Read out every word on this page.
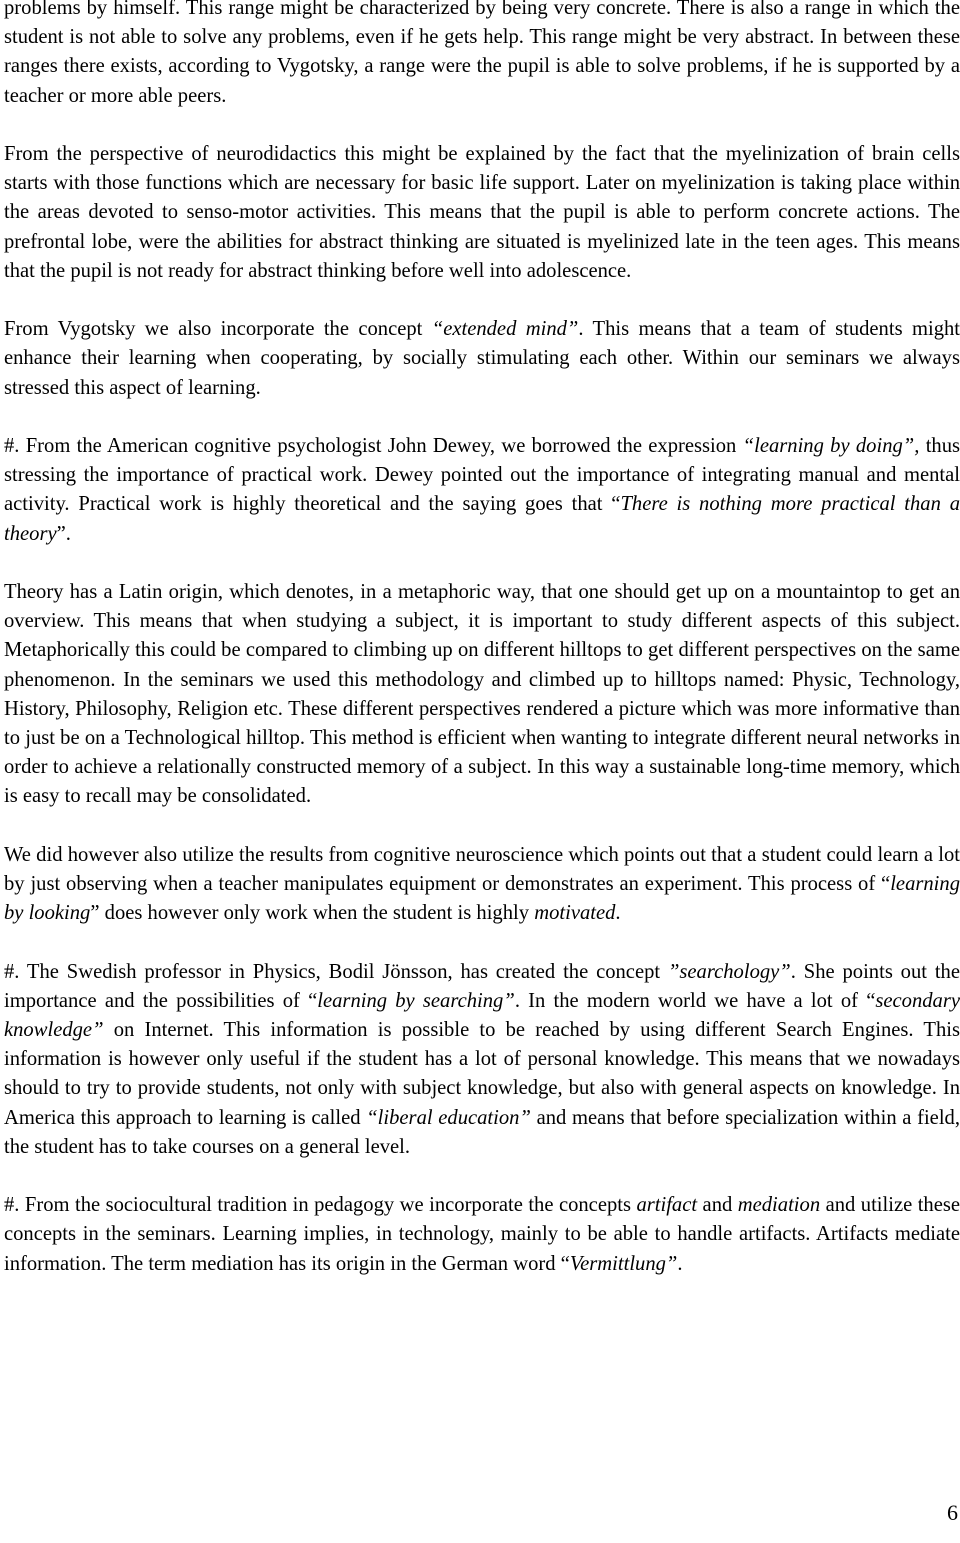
problems by himself. This range might be characterized by being very concrete. There is also a range in which the student is not able to solve any problems, even if he gets help. This range might be very abstract. In between these ranges there exists, according to Vygotsky, a range were the pupil is able to solve problems, if he is supported by a teacher or more able peers.

From the perspective of neurodidactics this might be explained by the fact that the myelinization of brain cells starts with those functions which are necessary for basic life support. Later on myelinization is taking place within the areas devoted to senso-motor activities. This means that the pupil is able to perform concrete actions. The prefrontal lobe, were the abilities for abstract thinking are situated is myelinized late in the teen ages. This means that the pupil is not ready for abstract thinking before well into adolescence.

From Vygotsky we also incorporate the concept “extended mind”. This means that a team of students might enhance their learning when cooperating, by socially stimulating each other. Within our seminars we always stressed this aspect of learning.

#. From the American cognitive psychologist John Dewey, we borrowed the expression “learning by doing”, thus stressing the importance of practical work. Dewey pointed out the importance of integrating manual and mental activity. Practical work is highly theoretical and the saying goes that “There is nothing more practical than a theory”.

Theory has a Latin origin, which denotes, in a metaphoric way, that one should get up on a mountaintop to get an overview. This means that when studying a subject, it is important to study different aspects of this subject. Metaphorically this could be compared to climbing up on different hilltops to get different perspectives on the same phenomenon. In the seminars we used this methodology and climbed up to hilltops named: Physic, Technology, History, Philosophy, Religion etc. These different perspectives rendered a picture which was more informative than to just be on a Technological hilltop. This method is efficient when wanting to integrate different neural networks in order to achieve a relationally constructed memory of a subject. In this way a sustainable long-time memory, which is easy to recall may be consolidated.

We did however also utilize the results from cognitive neuroscience which points out that a student could learn a lot by just observing when a teacher manipulates equipment or demonstrates an experiment. This process of “learning by looking” does however only work when the student is highly motivated.

#. The Swedish professor in Physics, Bodil Jönsson, has created the concept ”searchology”. She points out the importance and the possibilities of “learning by searching”. In the modern world we have a lot of “secondary knowledge” on Internet. This information is possible to be reached by using different Search Engines. This information is however only useful if the student has a lot of personal knowledge. This means that we nowadays should to try to provide students, not only with subject knowledge, but also with general aspects on knowledge. In America this approach to learning is called “liberal education” and means that before specialization within a field, the student has to take courses on a general level.

#. From the sociocultural tradition in pedagogy we incorporate the concepts artifact and mediation and utilize these concepts in the seminars. Learning implies, in technology, mainly to be able to handle artifacts. Artifacts mediate information. The term mediation has its origin in the German word “Vermittlung”.

6
